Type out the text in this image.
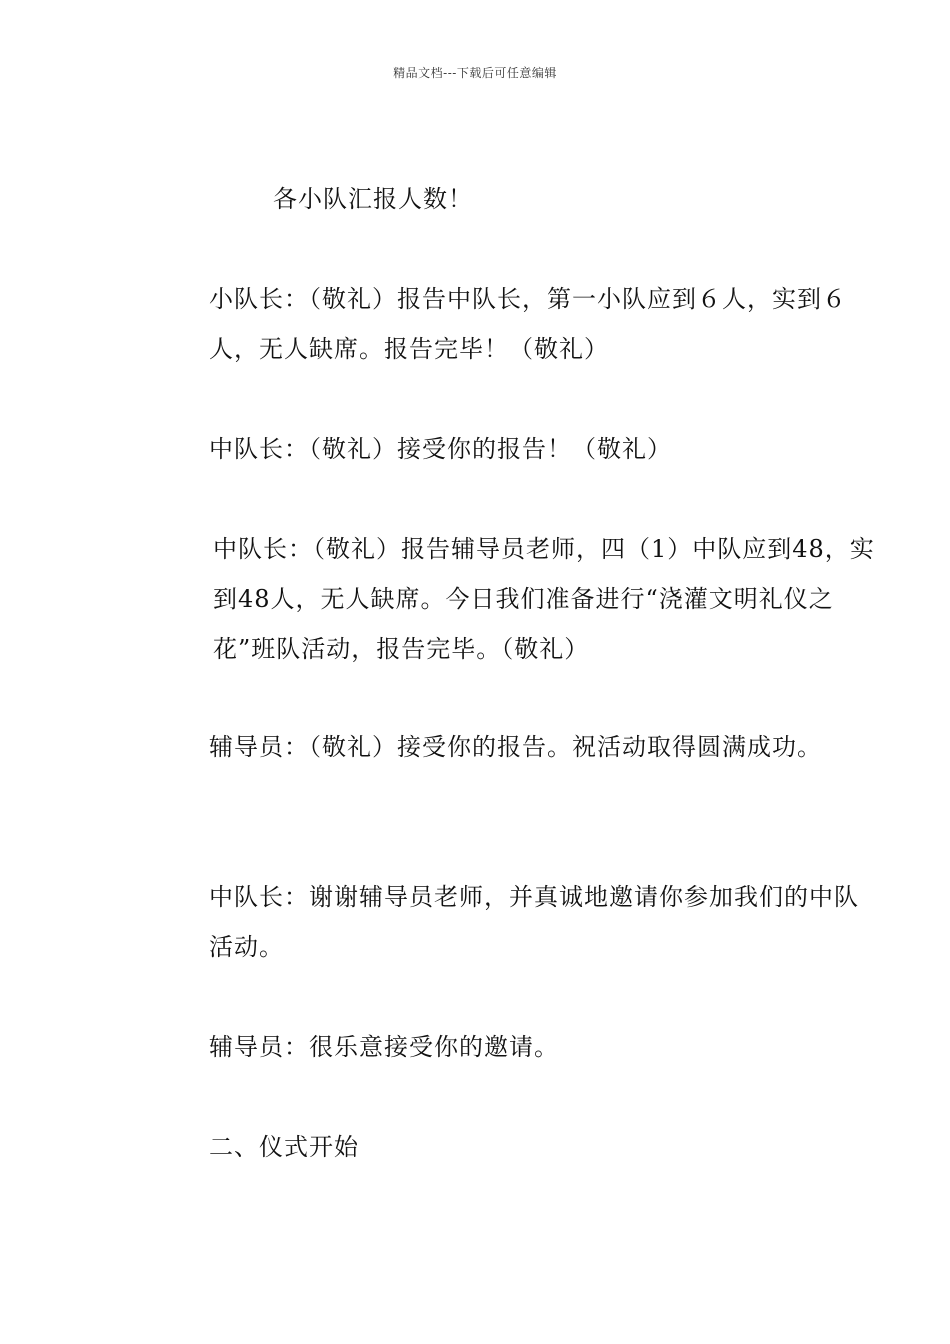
精品文档---下载后可任意编辑

各小队汇报人数！

小队长：（敬礼）报告中队长，第一小队应到６人，实到６人，无人缺席。报告完毕！（敬礼）

中队长：（敬礼）接受你的报告！（敬礼）

中队长：（敬礼）报告辅导员老师，四（1）中队应到48，实到48人，无人缺席。今日我们准备进行“浇灌文明礼仪之花”班队活动，报告完毕。（敬礼）

辅导员：（敬礼）接受你的报告。祝活动取得圆满成功。

中队长：谢谢辅导员老师，并真诚地邀请你参加我们的中队活动。

辅导员：很乐意接受你的邀请。

二、仪式开始
